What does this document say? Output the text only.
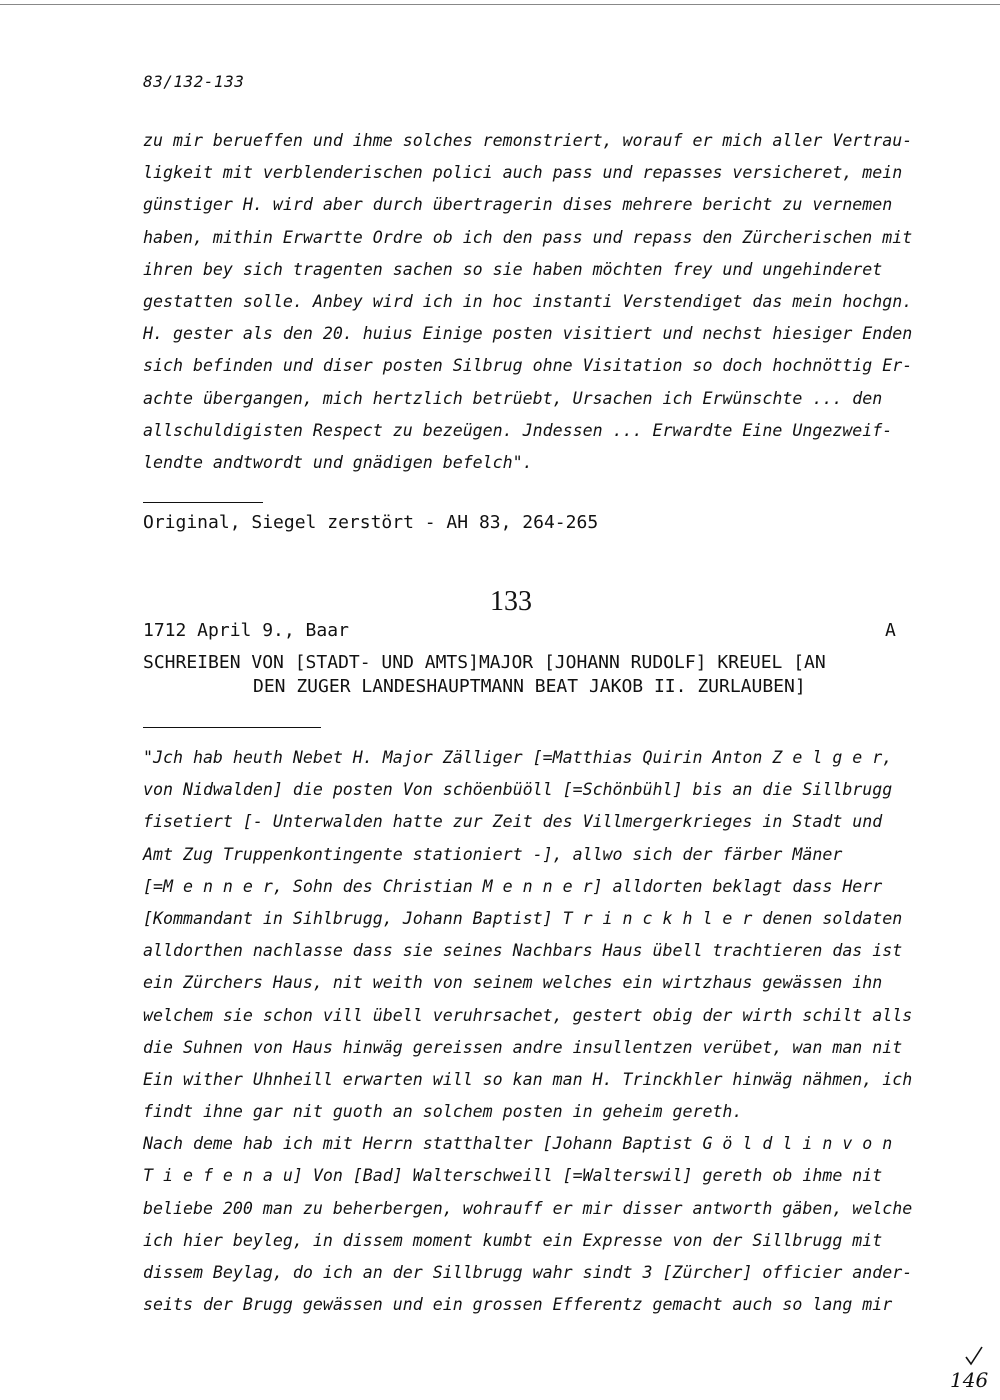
83/132-133
zu mir berueffen und ihme solches remonstriert, worauf er mich aller Vertrau-
ligkeit mit verblenderischen polici auch pass und repasses versicheret, mein
günstiger H. wird aber durch übertragerin dises mehrere bericht zu vernemen
haben, mithin Erwartte Ordre ob ich den pass und repass den Zürcherischen mit
ihren bey sich tragenten sachen so sie haben möchten frey und ungehinderet
gestatten solle. Anbey wird ich in hoc instanti Verstendiget das mein hochgn.
H. gester als den 20. huius Einige posten visitiert und nechst hiesiger Enden
sich befinden und diser posten Silbrug ohne Visitation so doch hochnöttig Er-
achte übergangen, mich hertzlich betrüebt, Ursachen ich Erwünschte ... den
allschuldigisten Respect zu bezeügen. Jndessen ... Erwardte Eine Ungezweif-
lendte andtwordt und gnädigen befelch".
Original, Siegel zerstört - AH 83, 264-265
133
1712 April 9., Baar	A
SCHREIBEN VON [STADT- UND AMTS]MAJOR [JOHANN RUDOLF] KREUEL [AN
DEN ZUGER LANDESHAUPTMANN BEAT JAKOB II. ZURLAUBEN]
"Jch hab heuth Nebet H. Major Zälliger [=Matthias Quirin Anton Z e l g e r,
von Nidwalden] die posten Von schöenbüöll [=Schönbühl] bis an die Sillbrugg
fisetiert [- Unterwalden hatte zur Zeit des Villmergerkrieges in Stadt und
Amt Zug Truppenkontingente stationiert -], allwo sich der färber Mäner
[=M e n n e r, Sohn des Christian M e n n e r] alldorten beklagt dass Herr
[Kommandant in Sihlbrugg, Johann Baptist] T r i n c k h l e r denen soldaten
alldorthen nachlasse dass sie seines Nachbars Haus übell trachtieren das ist
ein Zürchers Haus, nit weith von seinem welches ein wirtzhaus gewässen ihn
welchem sie schon vill übell veruhrsachet, gestert obig der wirth schilt alls
die Suhnen von Haus hinwäg gereissen andre insullentzen verübet, wan man nit
Ein wither Uhnheill erwarten will so kan man H. Trinckhler hinwäg nähmen, ich
findt ihne gar nit guoth an solchem posten in geheim gereth.
Nach deme hab ich mit Herrn statthalter [Johann Baptist G ö l d l i n v o n
T i e f e n a u] Von [Bad] Walterschweill [=Walterswil] gereth ob ihme nit
beliebe 200 man zu beherbergen, wohrauff er mir disser antworth gäben, welche
ich hier beyleg, in dissem moment kumbt ein Expresse von der Sillbrugg mit
dissem Beylag, do ich an der Sillbrugg wahr sindt 3 [Zürcher] officier ander-
seits der Brugg gewässen und ein grossen Efferentz gemacht auch so lang mir
146
